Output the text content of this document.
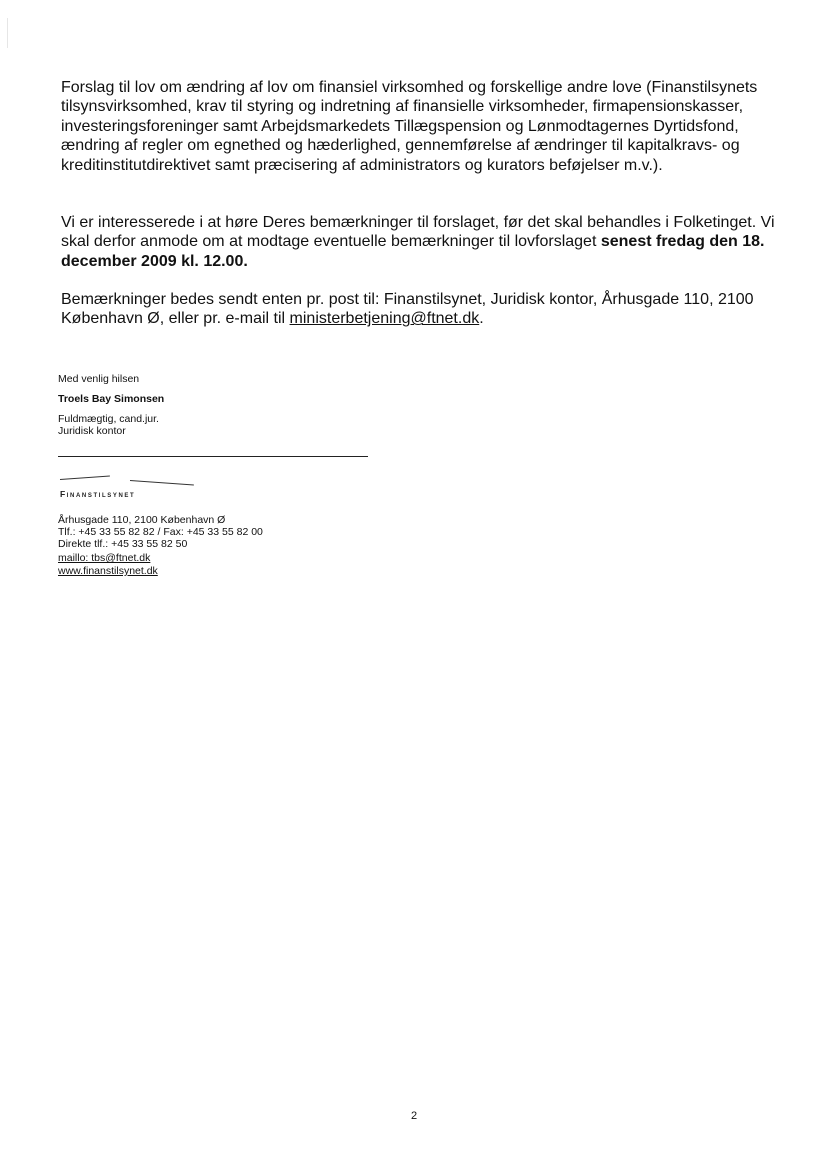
Forslag til lov om ændring af lov om finansiel virksomhed og forskellige andre love (Finanstilsynets tilsynsvirksomhed, krav til styring og indretning af finansielle virksomheder, firmapensionskasser, investeringsforeninger samt Arbejdsmarkedets Tillægspension og Lønmodtagernes Dyrtidsfond, ændring af regler om egnethed og hæderlighed, gennemførelse af ændringer til kapitalkravs- og kreditinstitutdirektivet samt præcisering af administrators og kurators beføjelser m.v.).

Vi er interesserede i at høre Deres bemærkninger til forslaget, før det skal behandles i Folketinget. Vi skal derfor anmode om at modtage eventuelle bemærkninger til lovforslaget senest fredag den 18. december 2009 kl. 12.00.

Bemærkninger bedes sendt enten pr. post til: Finanstilsynet, Juridisk kontor, Århusgade 110, 2100 København Ø, eller pr. e-mail til ministerbetjening@ftnet.dk.

Med venlig hilsen

Troels Bay Simonsen

Fuldmægtig, cand.jur.

Juridisk kontor

Finanstilsynet

Århusgade 110, 2100 København Ø

Tlf.: +45 33 55 82 82 / Fax: +45 33 55 82 00

Direkte tlf.: +45 33 55 82 50

maillo: tbs@ftnet.dk

www.finanstilsynet.dk

2
